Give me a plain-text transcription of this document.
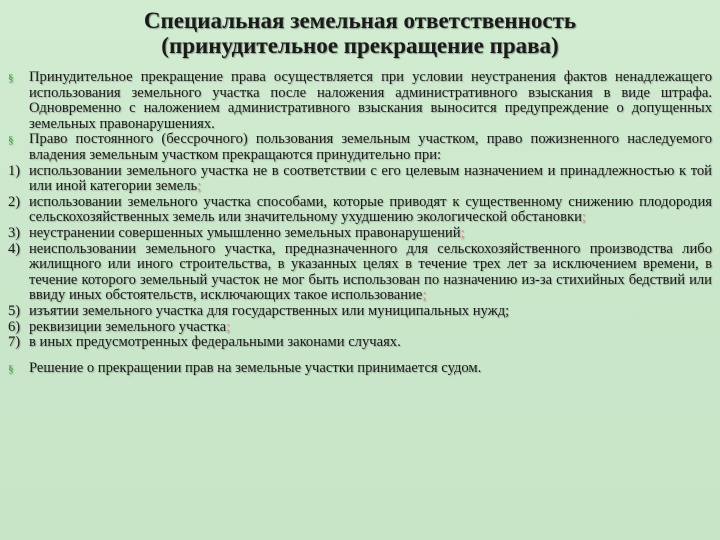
Специальная земельная ответственность
(принудительное прекращение права)
§	Принудительное прекращение права осуществляется при условии неустранения фактов ненадлежащего использования земельного участка после наложения административного взыскания в виде штрафа. Одновременно с наложением административного взыскания выносится предупреждение о допущенных земельных правонарушениях.
§	Право постоянного (бессрочного) пользования земельным участком, право пожизненного наследуемого владения земельным участком прекращаются принудительно при:
1) использовании земельного участка не в соответствии с его целевым назначением и принадлежностью к той или иной категории земель;
2) использовании земельного участка способами, которые приводят к существенному снижению плодородия сельскохозяйственных земель или значительному ухудшению экологической обстановки;
3) неустранении совершенных умышленно земельных правонарушений;
4) неиспользовании земельного участка, предназначенного для сельскохозяйственного производства либо жилищного или иного строительства, в указанных целях в течение трех лет за исключением времени, в течение которого земельный участок не мог быть использован по назначению из-за стихийных бедствий или ввиду иных обстоятельств, исключающих такое использование;
5) изъятии земельного участка для государственных или муниципальных нужд;
6) реквизиции земельного участка;
7) в иных предусмотренных федеральными законами случаях.
§	Решение о прекращении прав на земельные участки принимается судом.
